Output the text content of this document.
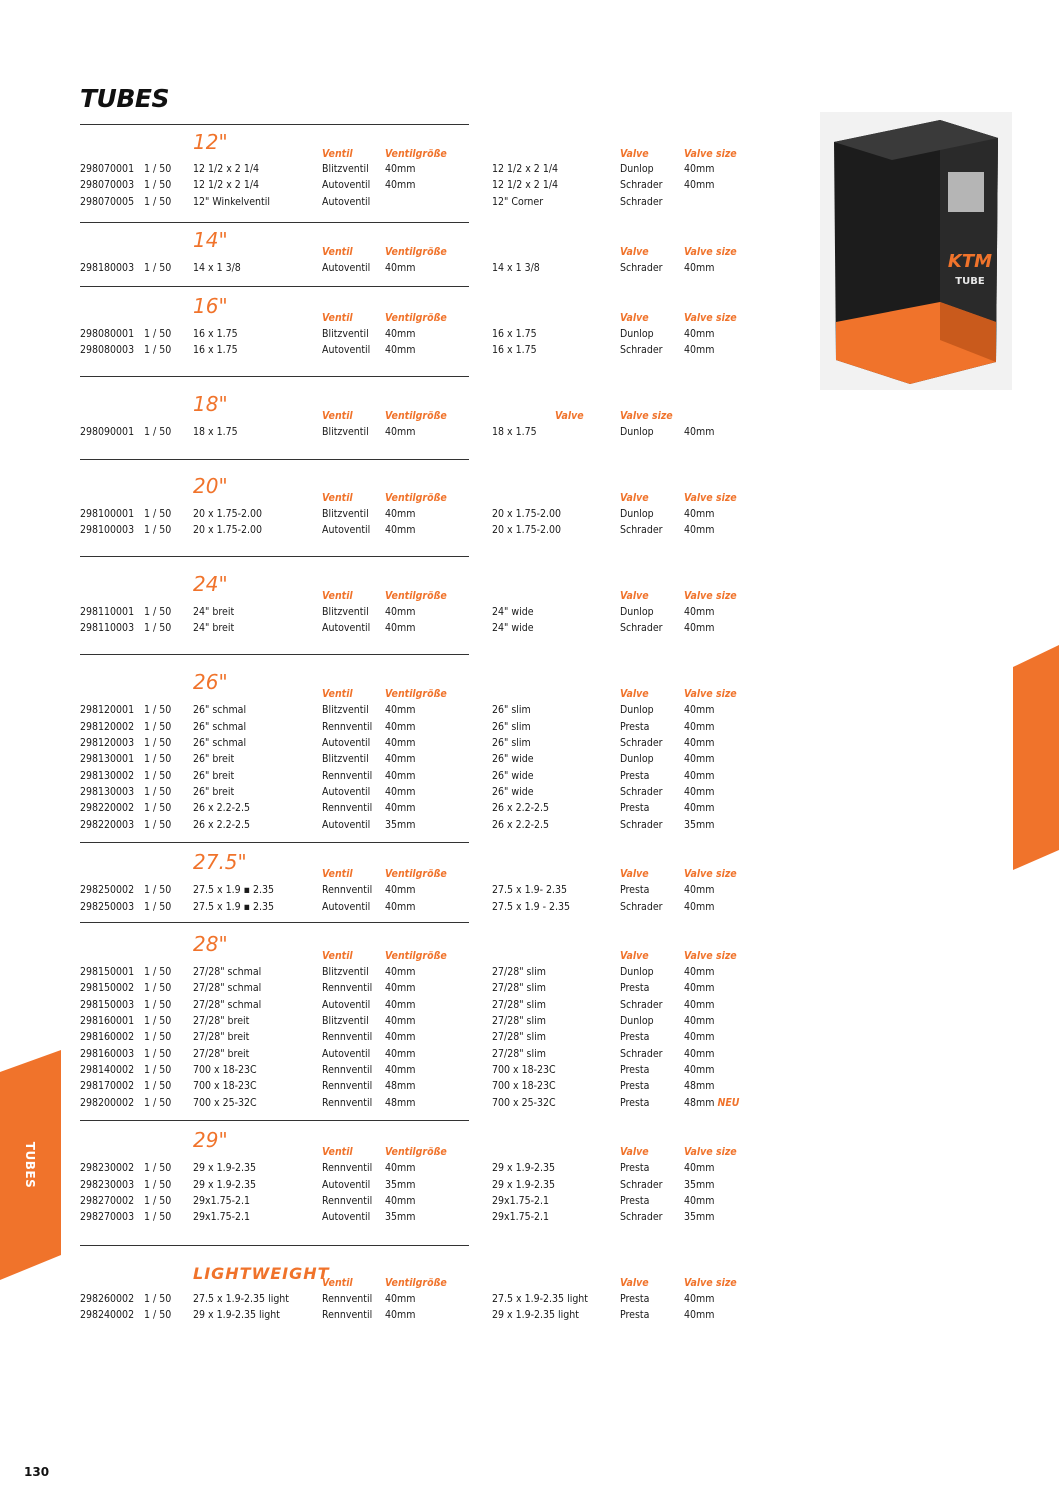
TUBES
12"	Ventil	Ventilgröße	Valve	Valve size
298070001 1 / 50 12 1/2 x 2 1/4	Blitzventil 40mm	12 1/2 x 2 1/4	Dunlop	40mm
298070003 1 / 50 12 1/2 x 2 1/4	Autoventil 40mm	12 1/2 x 2 1/4	Schrader 40mm
298070005 1 / 50 12" Winkelventil	Autoventil	12" Corner	Schrader
14"	Ventil	Ventilgröße	Valve	Valve size
298180003 1 / 50 14 x 1 3/8	Autoventil 40mm	14 x 1 3/8	Schrader 40mm
16"	Ventil	Ventilgröße	Valve	Valve size
298080001 1 / 50 16 x 1.75	Blitzventil 40mm	16 x 1.75	Dunlop	40mm
298080003 1 / 50 16 x 1.75	Autoventil 40mm	16 x 1.75	Schrader 40mm
18"	Ventil	Ventilgröße	Valve	Valve size
298090001 1 / 50 18 x 1.75	Blitzventil 40mm	18 x 1.75	Dunlop	40mm
20"	Ventil	Ventilgröße	Valve	Valve size
298100001 1 / 50 20 x 1.75-2.00	Blitzventil 40mm	20 x 1.75-2.00	Dunlop	40mm
298100003 1 / 50 20 x 1.75-2.00	Autoventil 40mm	20 x 1.75-2.00	Schrader 40mm
24"	Ventil	Ventilgröße	Valve	Valve size
298110001 1 / 50 24" breit	Blitzventil 40mm	24" wide	Dunlop	40mm
298110003 1 / 50 24" breit	Autoventil 40mm	24" wide	Schrader 40mm
26"	Ventil	Ventilgröße	Valve	Valve size
298120001 1 / 50 26" schmal	Blitzventil 40mm	26" slim	Dunlop	40mm
298120002 1 / 50 26" schmal	Rennventil 40mm	26" slim	Presta	40mm
298120003 1 / 50 26" schmal	Autoventil 40mm	26" slim	Schrader 40mm
298130001 1 / 50 26" breit	Blitzventil 40mm	26" wide	Dunlop	40mm
298130002 1 / 50 26" breit	Rennventil 40mm	26" wide	Presta	40mm
298130003 1 / 50 26" breit	Autoventil 40mm	26" wide	Schrader 40mm
298220002 1 / 50 26 x 2.2-2.5	Rennventil 40mm	26 x 2.2-2.5	Presta	40mm
298220003 1 / 50 26 x 2.2-2.5	Autoventil 35mm	26 x 2.2-2.5	Schrader 35mm
27.5"	Ventil	Ventilgröße	Valve	Valve size
298250002 1 / 50 27.5 x 1.9 ▪ 2.35	Rennventil 40mm	27.5 x 1.9- 2.35	Presta	40mm
298250003 1 / 50 27.5 x 1.9 ▪ 2.35	Autoventil 40mm	27.5 x 1.9 - 2.35	Schrader 40mm
28"	Ventil	Ventilgröße	Valve	Valve size
298150001 1 / 50 27/28" schmal	Blitzventil 40mm	27/28" slim	Dunlop	40mm
298150002 1 / 50 27/28" schmal	Rennventil 40mm	27/28" slim	Presta	40mm
298150003 1 / 50 27/28" schmal	Autoventil 40mm	27/28" slim	Schrader 40mm
298160001 1 / 50 27/28" breit	Blitzventil 40mm	27/28" slim	Dunlop	40mm
298160002 1 / 50 27/28" breit	Rennventil 40mm	27/28" slim	Presta	40mm
298160003 1 / 50 27/28" breit	Autoventil 40mm	27/28" slim	Schrader 40mm
298140002 1 / 50 700 x 18-23C	Rennventil 40mm	700 x 18-23C	Presta	40mm
298170002 1 / 50 700 x 18-23C	Rennventil 48mm	700 x 18-23C	Presta	48mm
298200002 1 / 50 700 x 25-32C	Rennventil 48mm	700 x 25-32C	Presta	48mm NEU
29"	Ventil	Ventilgröße	Valve	Valve size
298230002 1 / 50 29 x 1.9-2.35	Rennventil 40mm	29 x 1.9-2.35	Presta	40mm
298230003 1 / 50 29 x 1.9-2.35	Autoventil 35mm	29 x 1.9-2.35	Schrader 35mm
298270002 1 / 50 29x1.75-2.1	Rennventil 40mm	29x1.75-2.1	Presta	40mm
298270003 1 / 50 29x1.75-2.1	Autoventil 35mm	29x1.75-2.1	Schrader 35mm
LIGHTWEIGHT
Ventil	Ventilgröße	Valve	Valve size
298260002 1 / 50 27.5 x 1.9-2.35 light	Rennventil 40mm	27.5 x 1.9-2.35 light	Presta	40mm
298240002 1 / 50 29 x 1.9-2.35 light	Rennventil 40mm	29 x 1.9-2.35 light	Presta	40mm
KTM
TUBE
TUBES
130
